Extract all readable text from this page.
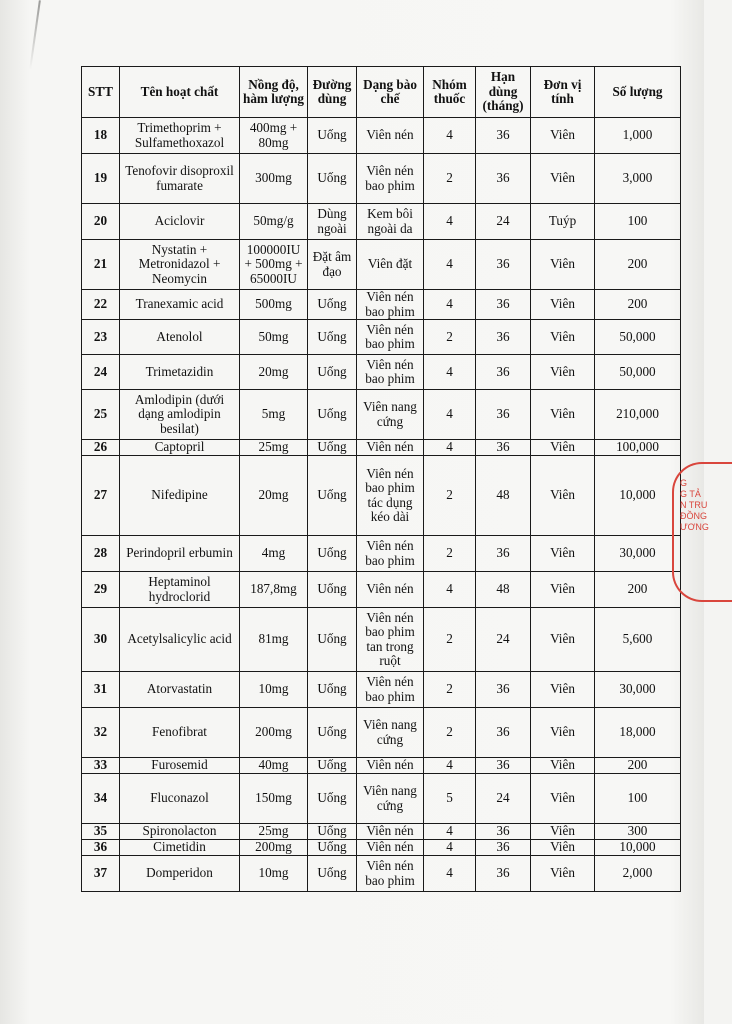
STT	Tên hoạt chất	Nồng độ, hàm lượng	Đường dùng	Dạng bào chế	Nhóm thuốc	Hạn dùng (tháng)	Đơn vị tính	Số lượng
18	Trimethoprim + Sulfamethoxazol	400mg + 80mg	Uống	Viên nén	4	36	Viên	1,000
19	Tenofovir disoproxil fumarate	300mg	Uống	Viên nén bao phim	2	36	Viên	3,000
20	Aciclovir	50mg/g	Dùng ngoài	Kem bôi ngoài da	4	24	Tuýp	100
21	Nystatin + Metronidazol + Neomycin	100000IU + 500mg + 65000IU	Đặt âm đạo	Viên đặt	4	36	Viên	200
22	Tranexamic acid	500mg	Uống	Viên nén bao phim	4	36	Viên	200
23	Atenolol	50mg	Uống	Viên nén bao phim	2	36	Viên	50,000
24	Trimetazidin	20mg	Uống	Viên nén bao phim	4	36	Viên	50,000
25	Amlodipin (dưới dạng amlodipin besilat)	5mg	Uống	Viên nang cứng	4	36	Viên	210,000
26	Captopril	25mg	Uống	Viên nén	4	36	Viên	100,000
27	Nifedipine	20mg	Uống	Viên nén bao phim tác dụng kéo dài	2	48	Viên	10,000
28	Perindopril erbumin	4mg	Uống	Viên nén bao phim	2	36	Viên	30,000
29	Heptaminol hydroclorid	187,8mg	Uống	Viên nén	4	48	Viên	200
30	Acetylsalicylic acid	81mg	Uống	Viên nén bao phim tan trong ruột	2	24	Viên	5,600
31	Atorvastatin	10mg	Uống	Viên nén bao phim	2	36	Viên	30,000
32	Fenofibrat	200mg	Uống	Viên nang cứng	2	36	Viên	18,000
33	Furosemid	40mg	Uống	Viên nén	4	36	Viên	200
34	Fluconazol	150mg	Uống	Viên nang cứng	5	24	Viên	100
35	Spironolacton	25mg	Uống	Viên nén	4	36	Viên	300
36	Cimetidin	200mg	Uống	Viên nén	4	36	Viên	10,000
37	Domperidon	10mg	Uống	Viên nén bao phim	4	36	Viên	2,000
G
G TẢ
N TRU
ĐỒNG
ƯƠNG
